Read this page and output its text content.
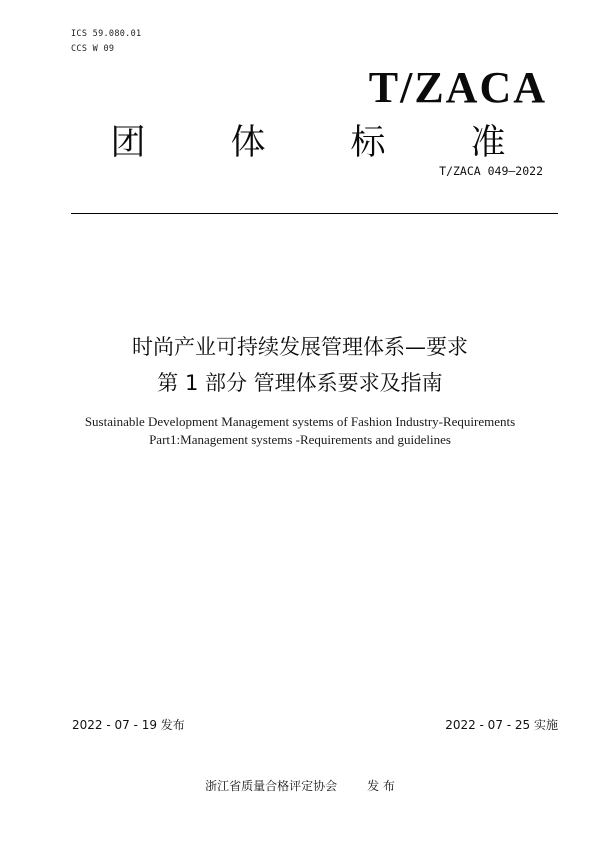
ICS 59.080.01
CCS W 09
T/ZACA
团 体 标 准
T/ZACA 049—2022
时尚产业可持续发展管理体系—要求
第 1 部分 管理体系要求及指南
Sustainable Development Management systems of Fashion Industry-Requirements
Part1:Management systems -Requirements and guidelines
2022 - 07 - 19 发布	2022 - 07 - 25 实施
浙江省质量合格评定协会	发 布
